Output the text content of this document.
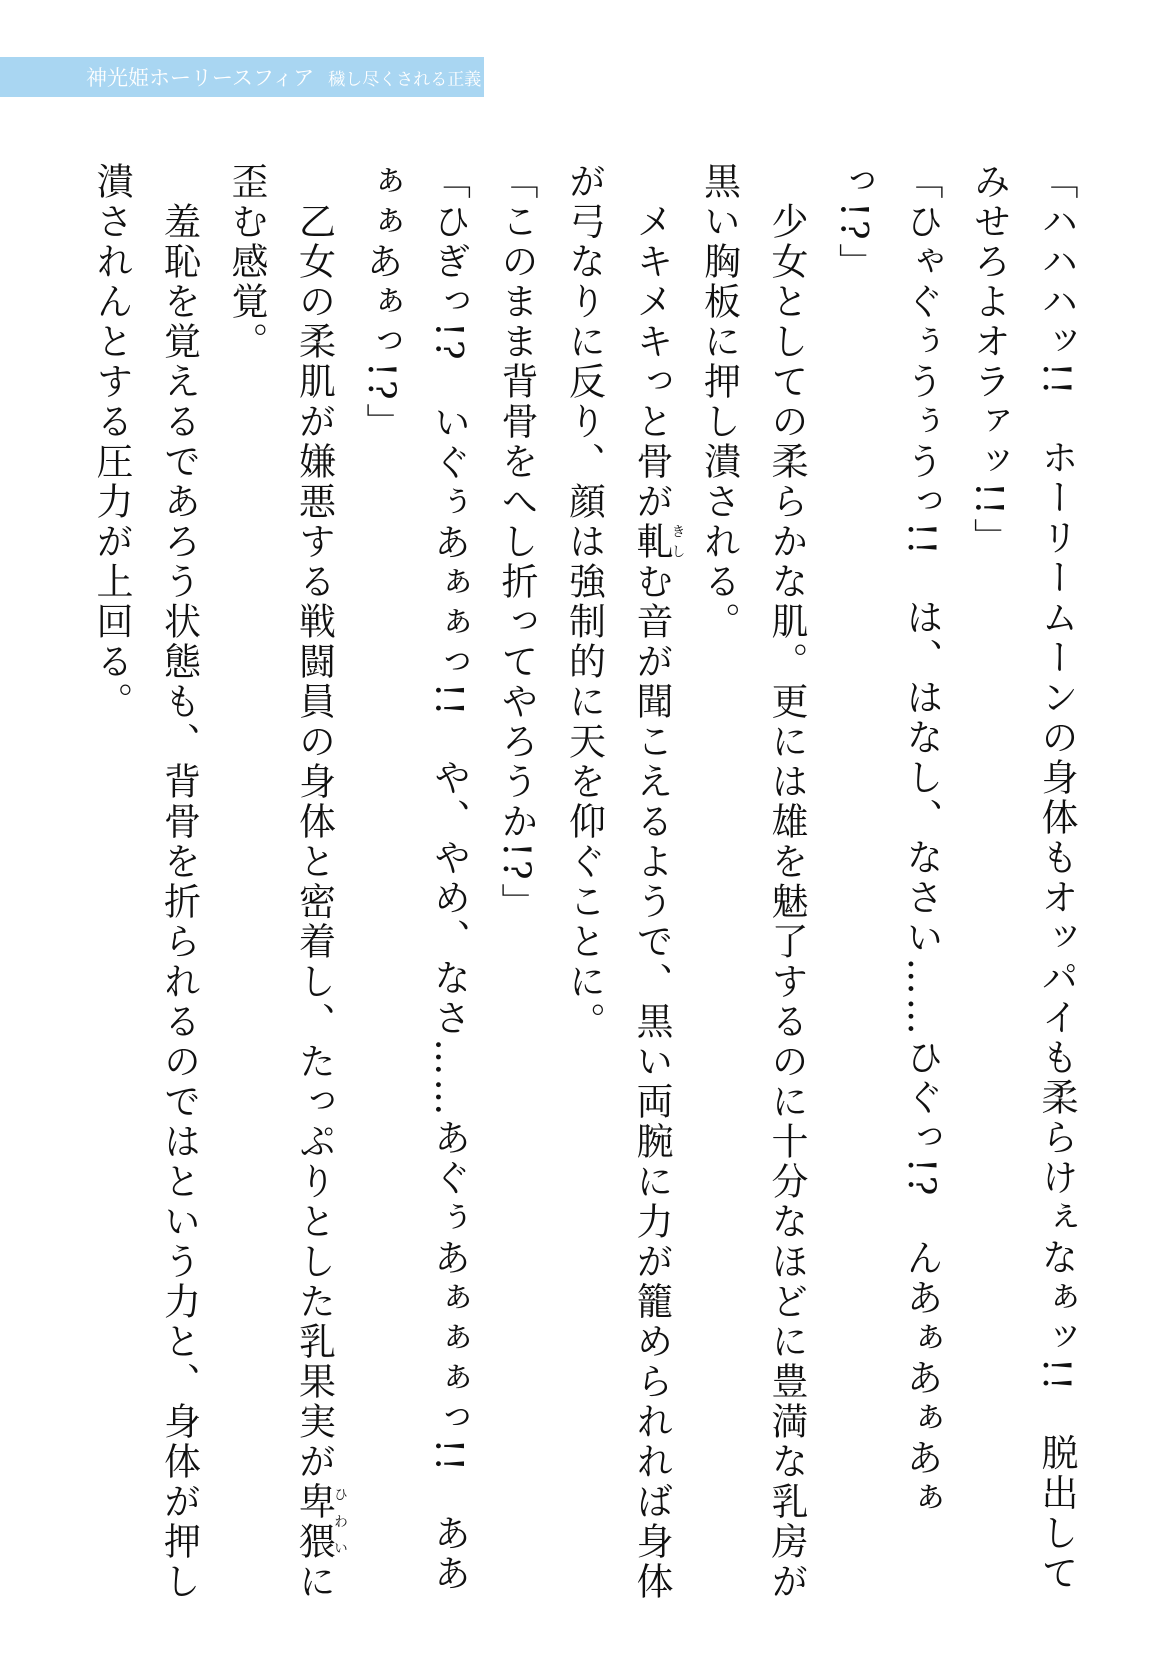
神光姫ホーリースフィア 穢し尽くされる正義

「ハハハッ!!　ホーリームーンの身体もオッパイも柔らけぇなぁッ!!　脱出してみせろよオラァッ!!」

「ひゃぐぅうぅうっ!!　は、はなし、なさい……ひぐっ!?　んあぁあぁあぁっ!?」

　少女としての柔らかな肌。更には雄を魅了するのに十分なほどに豊満な乳房が黒い胸板に押し潰される。

　メキメキっと骨が軋きしむ音が聞こえるようで、黒い両腕に力が籠められれば身体が弓なりに反り、顔は強制的に天を仰ぐことに。

「このまま背骨をへし折ってやろうか!?」

「ひぎっ!?　いぐぅあぁぁっ!!　や、やめ、なさ……あぐぅあぁぁぁっ!!　ああぁぁあぁっ!?」

　乙女の柔肌が嫌悪する戦闘員の身体と密着し、たっぷりとした乳果実が卑猥ひわいに歪む感覚。

　羞恥を覚えるであろう状態も、背骨を折られるのではという力と、身体が押し潰されんとする圧力が上回る。
